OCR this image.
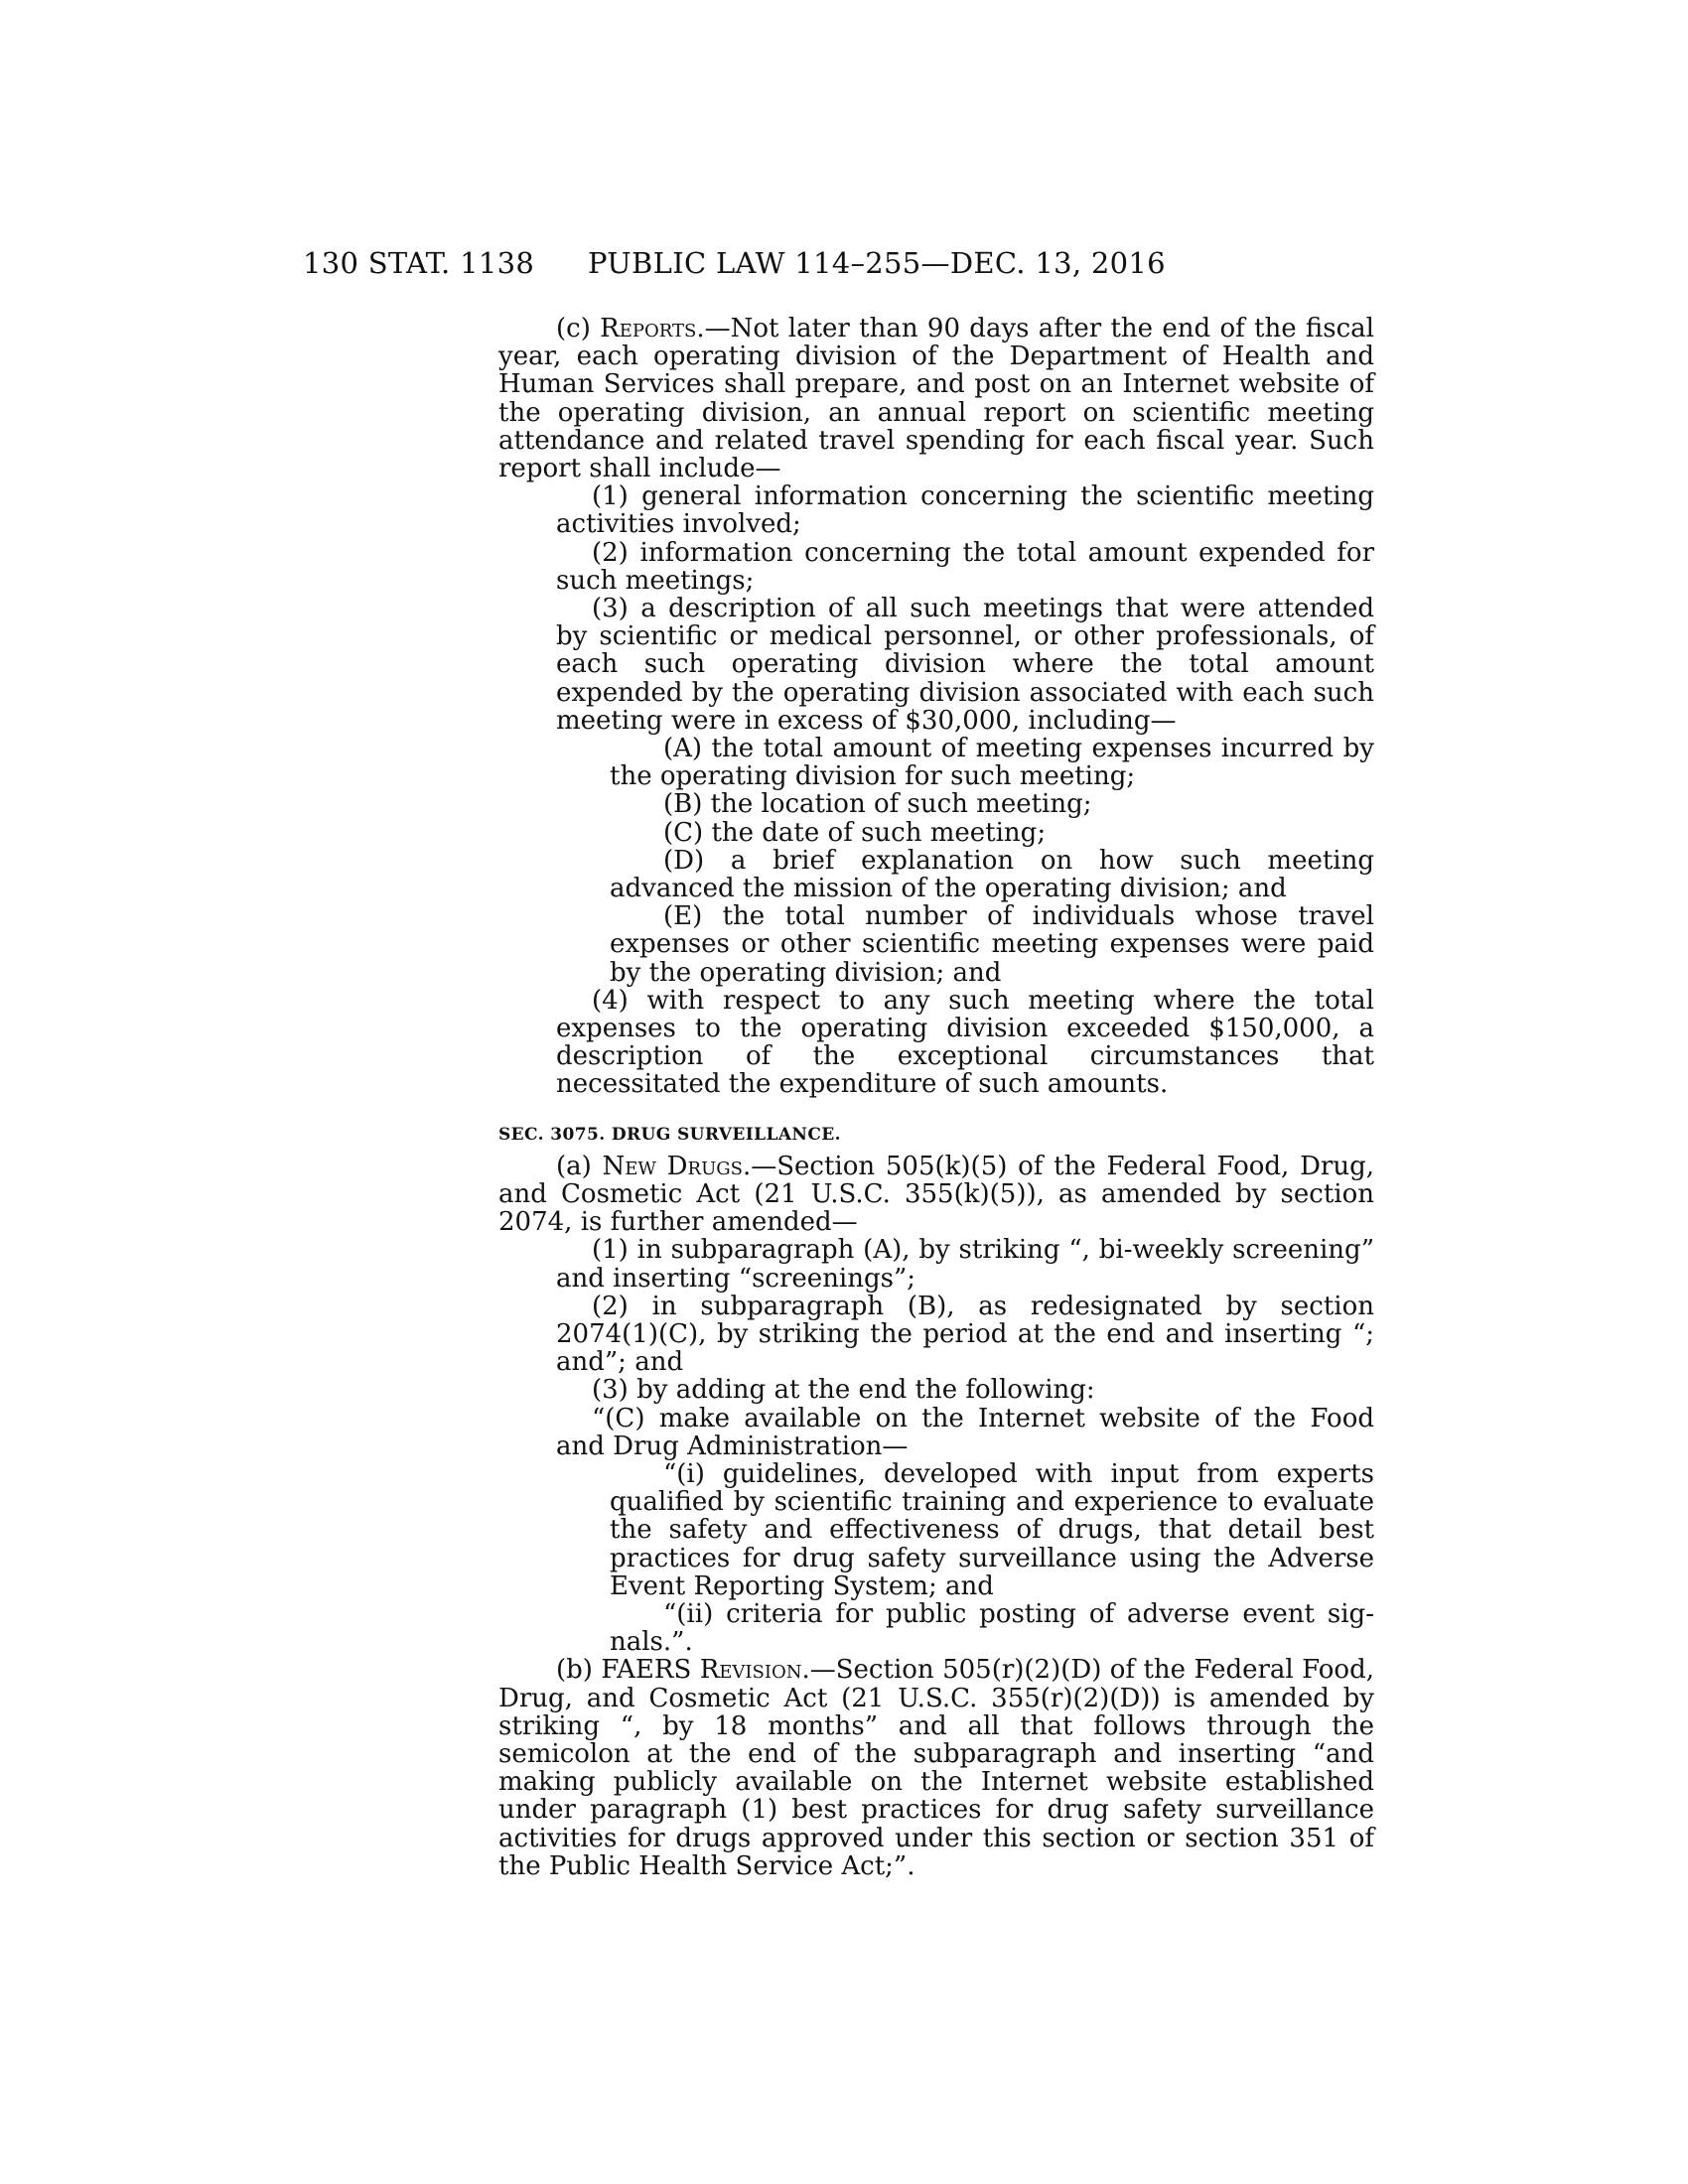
130 STAT. 1138 PUBLIC LAW 114–255—DEC. 13, 2016

(c) Reports.—Not later than 90 days after the end of the fiscal year, each operating division of the Department of Health and Human Services shall prepare, and post on an Internet website of the operating division, an annual report on scientific meeting attendance and related travel spending for each fiscal year. Such report shall include—

(1) general information concerning the scientific meeting activities involved;

(2) information concerning the total amount expended for such meetings;

(3) a description of all such meetings that were attended by scientific or medical personnel, or other professionals, of each such operating division where the total amount expended by the operating division associated with each such meeting were in excess of $30,000, including—

(A) the total amount of meeting expenses incurred by the operating division for such meeting;

(B) the location of such meeting;

(C) the date of such meeting;

(D) a brief explanation on how such meeting advanced the mission of the operating division; and

(E) the total number of individuals whose travel expenses or other scientific meeting expenses were paid by the operating division; and

(4) with respect to any such meeting where the total expenses to the operating division exceeded $150,000, a description of the exceptional circumstances that necessitated the expenditure of such amounts.

SEC. 3075. DRUG SURVEILLANCE.

(a) New Drugs.—Section 505(k)(5) of the Federal Food, Drug, and Cosmetic Act (21 U.S.C. 355(k)(5)), as amended by section 2074, is further amended—

(1) in subparagraph (A), by striking “, bi-weekly screening” and inserting “screenings”;

(2) in subparagraph (B), as redesignated by section 2074(1)(C), by striking the period at the end and inserting “; and”; and

(3) by adding at the end the following:

“(C) make available on the Internet website of the Food and Drug Administration—

“(i) guidelines, developed with input from experts qualified by scientific training and experience to evaluate the safety and effectiveness of drugs, that detail best practices for drug safety surveillance using the Adverse Event Reporting System; and

“(ii) criteria for public posting of adverse event signals.”.

(b) FAERS Revision.—Section 505(r)(2)(D) of the Federal Food, Drug, and Cosmetic Act (21 U.S.C. 355(r)(2)(D)) is amended by striking “, by 18 months” and all that follows through the semicolon at the end of the subparagraph and inserting “and making publicly available on the Internet website established under paragraph (1) best practices for drug safety surveillance activities for drugs approved under this section or section 351 of the Public Health Service Act;”.
